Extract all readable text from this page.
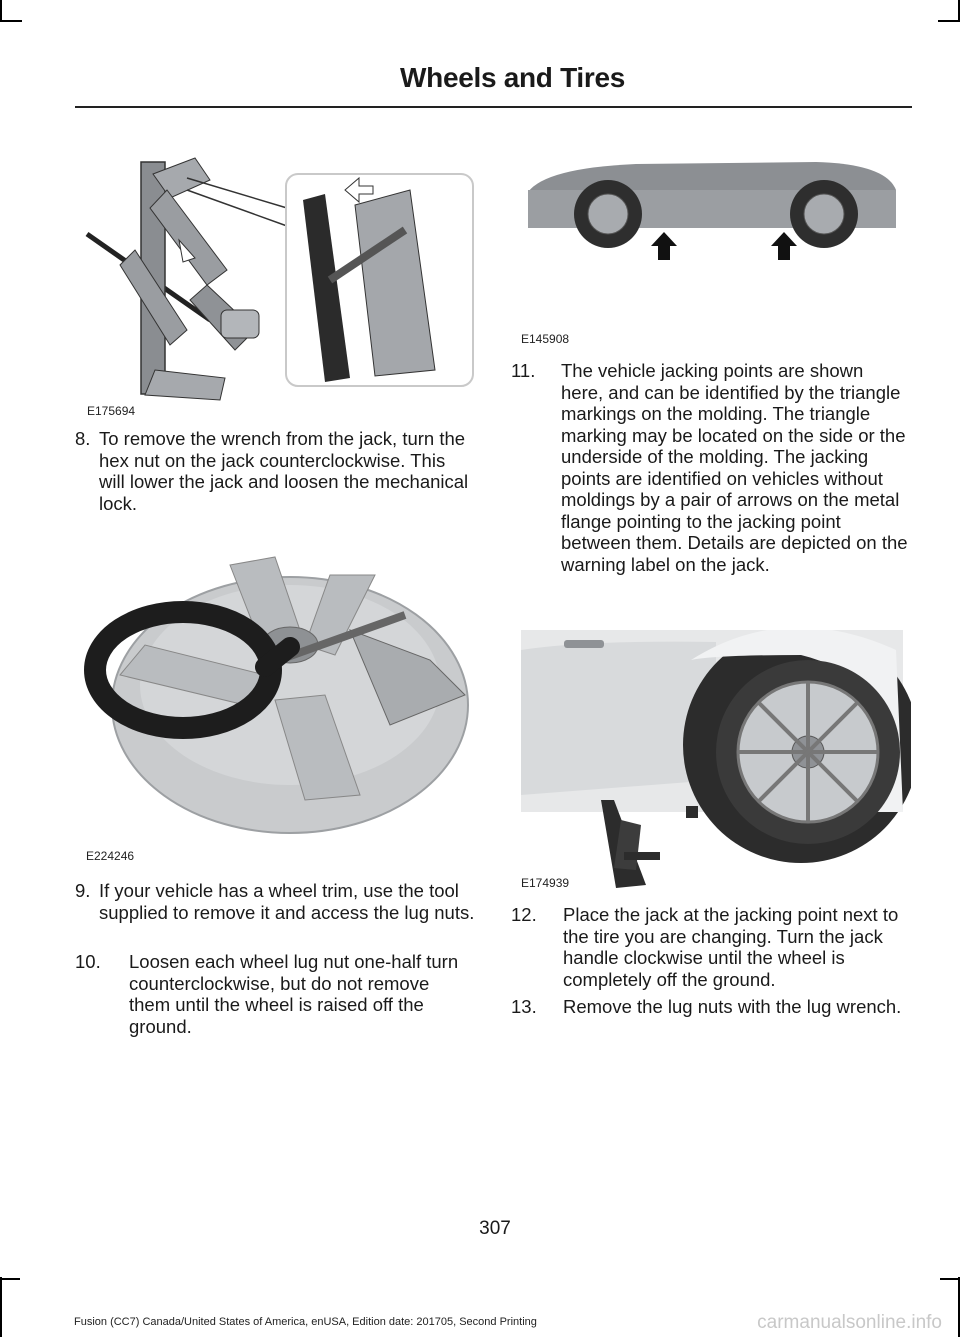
Wheels and Tires
E175694
E145908
8. To remove the wrench from the jack, turn the hex nut on the jack counterclockwise. This will lower the jack and loosen the mechanical lock.
11.	The vehicle jacking points are shown here, and can be identified by the triangle markings on the molding. The triangle marking may be located on the side or the underside of the molding. The jacking points are identified on vehicles without moldings by a pair of arrows on the metal flange pointing to the jacking point between them. Details are depicted on the warning label on the jack.
E224246
E174939
9. If your vehicle has a wheel trim, use the tool supplied to remove it and access the lug nuts.
10.	Loosen each wheel lug nut one-half turn counterclockwise, but do not remove them until the wheel is raised off the ground.
12.	Place the jack at the jacking point next to the tire you are changing. Turn the jack handle clockwise until the wheel is completely off the ground.
13.	Remove the lug nuts with the lug wrench.
307
Fusion (CC7) Canada/United States of America, enUSA, Edition date: 201705, Second Printing	carmanualsonline.info
